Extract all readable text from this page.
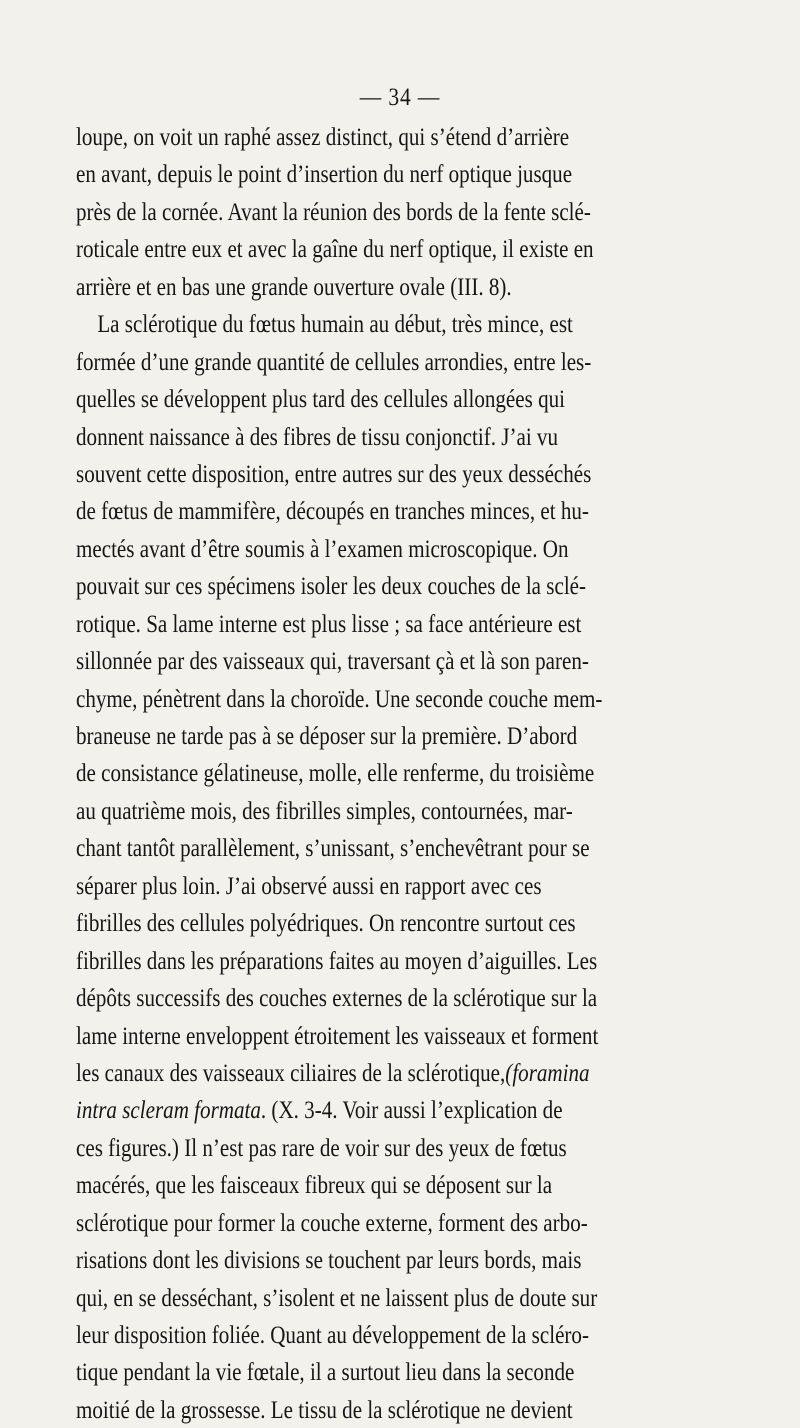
— 34 —
loupe, on voit un raphé assez distinct, qui s’étend d’arrière
en avant, depuis le point d’insertion du nerf optique jusque
près de la cornée. Avant la réunion des bords de la fente sclé-
roticale entre eux et avec la gaîne du nerf optique, il existe en
arrière et en bas une grande ouverture ovale (III. 8).
La sclérotique du fœtus humain au début, très mince, est
formée d’une grande quantité de cellules arrondies, entre les-
quelles se développent plus tard des cellules allongées qui
donnent naissance à des fibres de tissu conjonctif. J’ai vu
souvent cette disposition, entre autres sur des yeux desséchés
de fœtus de mammifère, découpés en tranches minces, et hu-
mectés avant d’être soumis à l’examen microscopique. On
pouvait sur ces spécimens isoler les deux couches de la sclé-
rotique. Sa lame interne est plus lisse ; sa face antérieure est
sillonnée par des vaisseaux qui, traversant çà et là son paren-
chyme, pénètrent dans la choroïde. Une seconde couche mem-
braneuse ne tarde pas à se déposer sur la première. D’abord
de consistance gélatineuse, molle, elle renferme, du troisième
au quatrième mois, des fibrilles simples, contournées, mar-
chant tantôt parallèlement, s’unissant, s’enchevêtrant pour se
séparer plus loin. J’ai observé aussi en rapport avec ces
fibrilles des cellules polyédriques. On rencontre surtout ces
fibrilles dans les préparations faites au moyen d’aiguilles. Les
dépôts successifs des couches externes de la sclérotique sur la
lame interne enveloppent étroitement les vaisseaux et forment
les canaux des vaisseaux ciliaires de la sclérotique,(foramina
intra scleram formata. (X. 3-4. Voir aussi l’explication de
ces figures.) Il n’est pas rare de voir sur des yeux de fœtus
macérés, que les faisceaux fibreux qui se déposent sur la
sclérotique pour former la couche externe, forment des arbo-
risations dont les divisions se touchent par leurs bords, mais
qui, en se desséchant, s’isolent et ne laissent plus de doute sur
leur disposition foliée. Quant au développement de la scléro-
tique pendant la vie fœtale, il a surtout lieu dans la seconde
moitié de la grossesse. Le tissu de la sclérotique ne devient
